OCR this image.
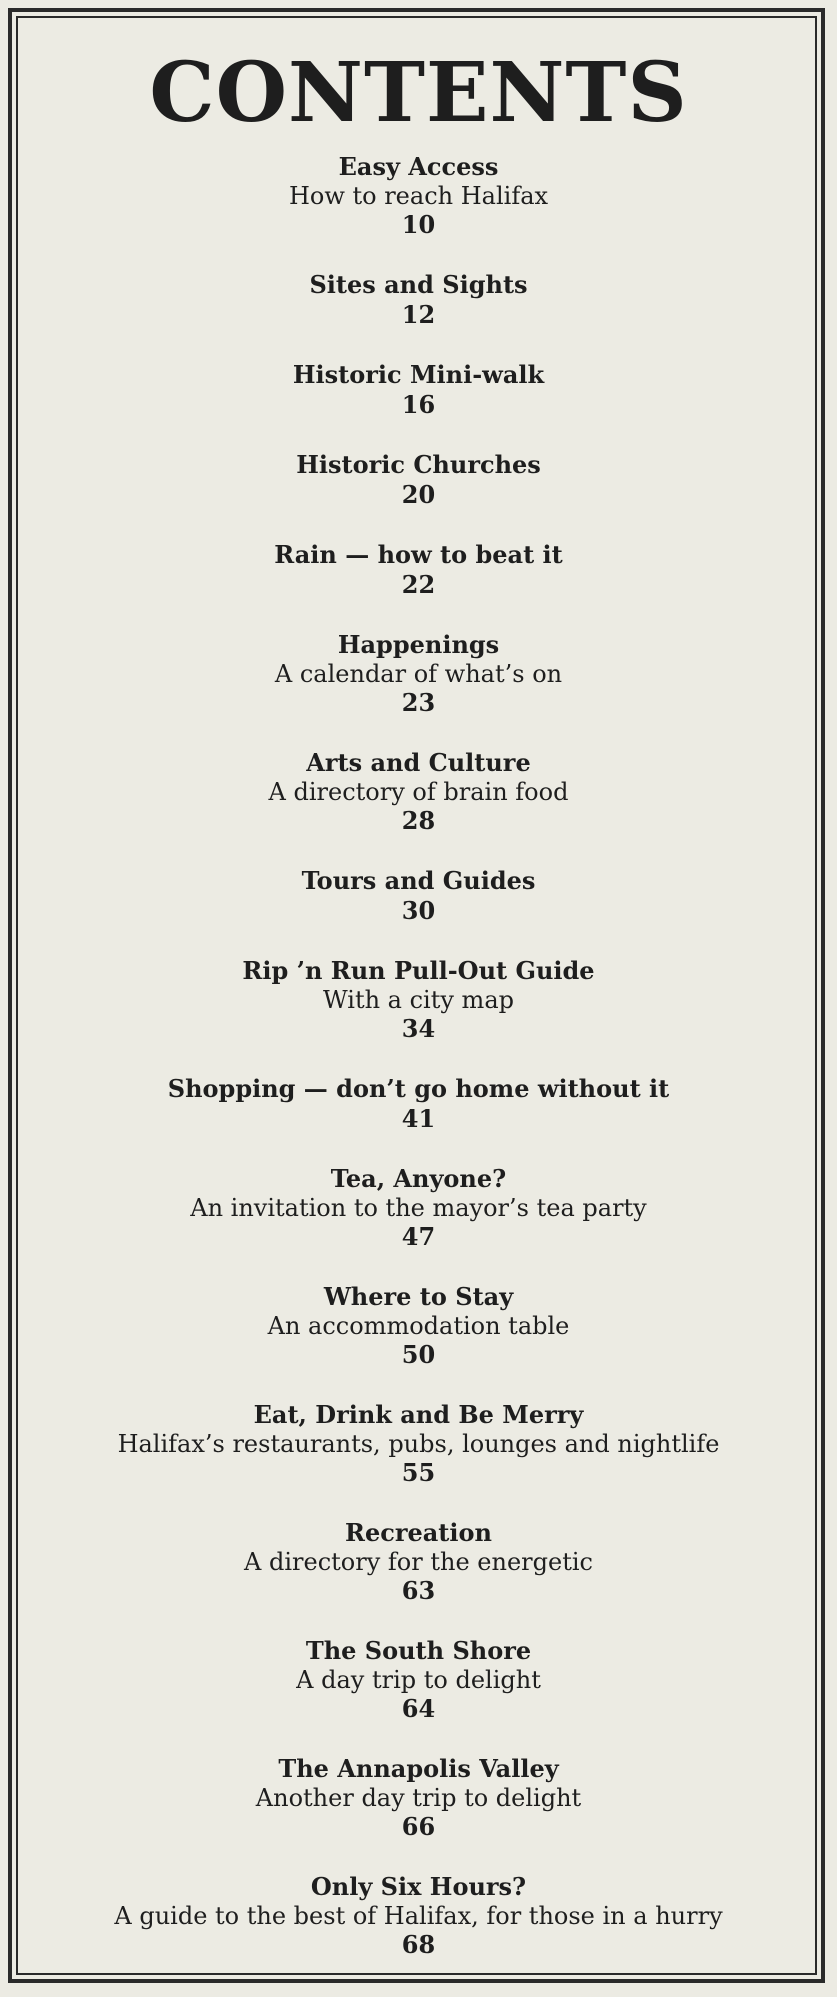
CONTENTS
Easy Access
How to reach Halifax
10
Sites and Sights
12
Historic Mini-walk
16
Historic Churches
20
Rain — how to beat it
22
Happenings
A calendar of what’s on
23
Arts and Culture
A directory of brain food
28
Tours and Guides
30
Rip ’n Run Pull-Out Guide
With a city map
34
Shopping — don’t go home without it
41
Tea, Anyone?
An invitation to the mayor’s tea party
47
Where to Stay
An accommodation table
50
Eat, Drink and Be Merry
Halifax’s restaurants, pubs, lounges and nightlife
55
Recreation
A directory for the energetic
63
The South Shore
A day trip to delight
64
The Annapolis Valley
Another day trip to delight
66
Only Six Hours?
A guide to the best of Halifax, for those in a hurry
68
